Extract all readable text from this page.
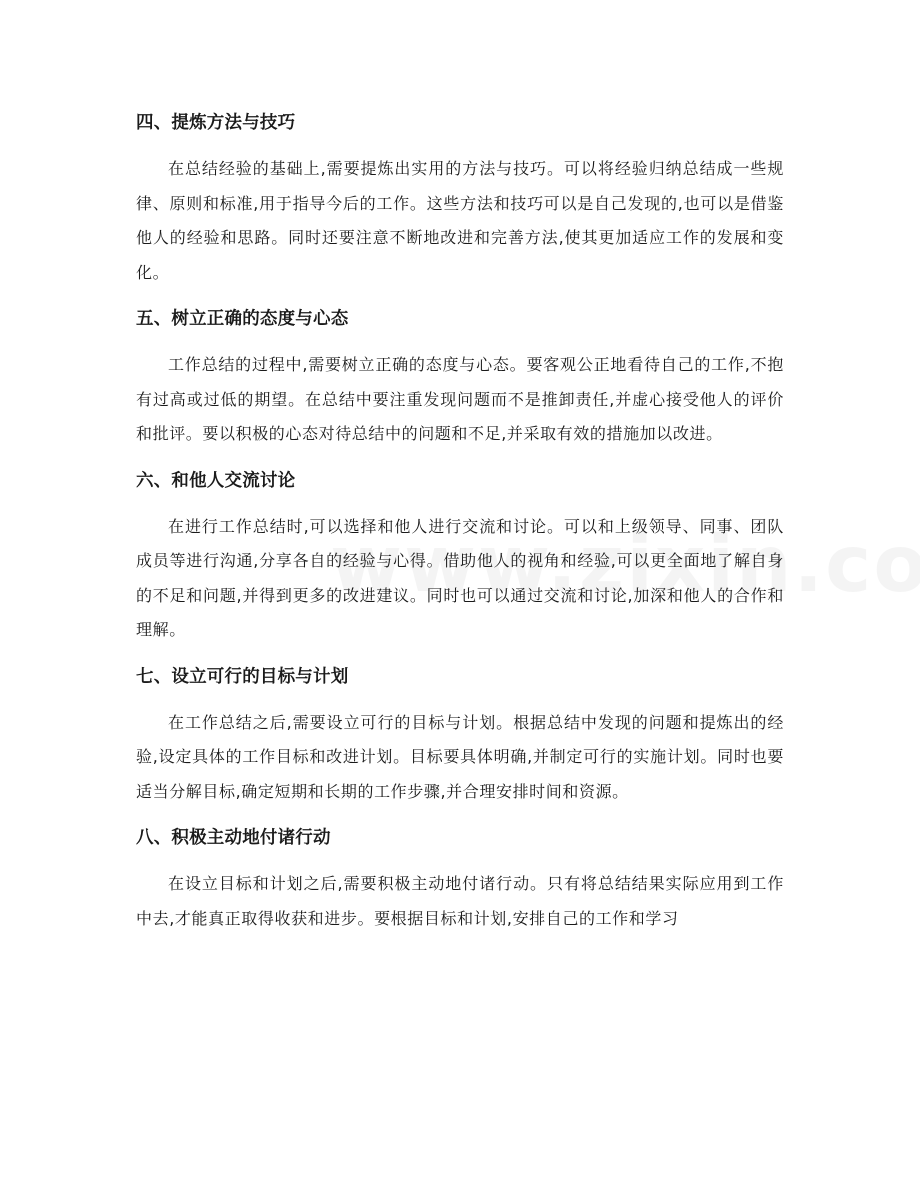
四、提炼方法与技巧

在总结经验的基础上,需要提炼出实用的方法与技巧。可以将经验归纳总结成一些规律、原则和标准,用于指导今后的工作。这些方法和技巧可以是自己发现的,也可以是借鉴他人的经验和思路。同时还要注意不断地改进和完善方法,使其更加适应工作的发展和变化。

五、树立正确的态度与心态

工作总结的过程中,需要树立正确的态度与心态。要客观公正地看待自己的工作,不抱有过高或过低的期望。在总结中要注重发现问题而不是推卸责任,并虚心接受他人的评价和批评。要以积极的心态对待总结中的问题和不足,并采取有效的措施加以改进。

六、和他人交流讨论

在进行工作总结时,可以选择和他人进行交流和讨论。可以和上级领导、同事、团队成员等进行沟通,分享各自的经验与心得。借助他人的视角和经验,可以更全面地了解自身的不足和问题,并得到更多的改进建议。同时也可以通过交流和讨论,加深和他人的合作和理解。

七、设立可行的目标与计划

在工作总结之后,需要设立可行的目标与计划。根据总结中发现的问题和提炼出的经验,设定具体的工作目标和改进计划。目标要具体明确,并制定可行的实施计划。同时也要适当分解目标,确定短期和长期的工作步骤,并合理安排时间和资源。

八、积极主动地付诸行动

在设立目标和计划之后,需要积极主动地付诸行动。只有将总结结果实际应用到工作中去,才能真正取得收获和进步。要根据目标和计划,安排自己的工作和学习
